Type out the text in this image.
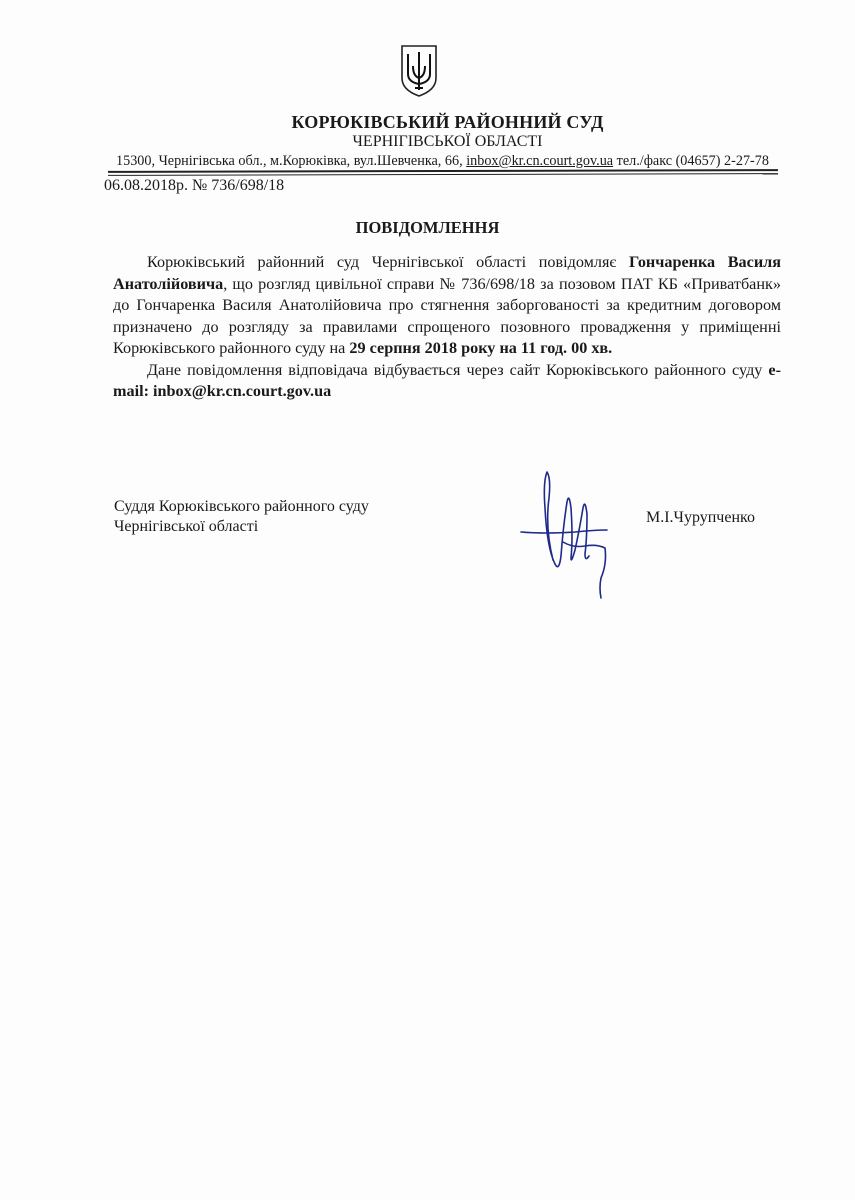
КОРЮКІВСЬКИЙ РАЙОННИЙ СУД
ЧЕРНІГІВСЬКОЇ ОБЛАСТІ
15300, Чернігівська обл., м.Корюківка, вул.Шевченка, 66, inbox@kr.cn.court.gov.ua тел./факс (04657) 2-27-78
06.08.2018р. № 736/698/18
ПОВІДОМЛЕННЯ

Корюківський районний суд Чернігівської області повідомляє Гончаренка Василя Анатолійовича, що розгляд цивільної справи № 736/698/18 за позовом ПАТ КБ «Приватбанк» до Гончаренка Василя Анатолійовича про стягнення заборгованості за кредитним договором призначено до розгляду за правилами спрощеного позовного провадження у приміщенні Корюківського районного суду на 29 серпня 2018 року на 11 год. 00 хв.

Дане повідомлення відповідача відбувається через сайт Корюківського районного суду e-mail: inbox@kr.cn.court.gov.ua

Суддя Корюківського районного суду
Чернігівської області
М.І.Чурупченко
